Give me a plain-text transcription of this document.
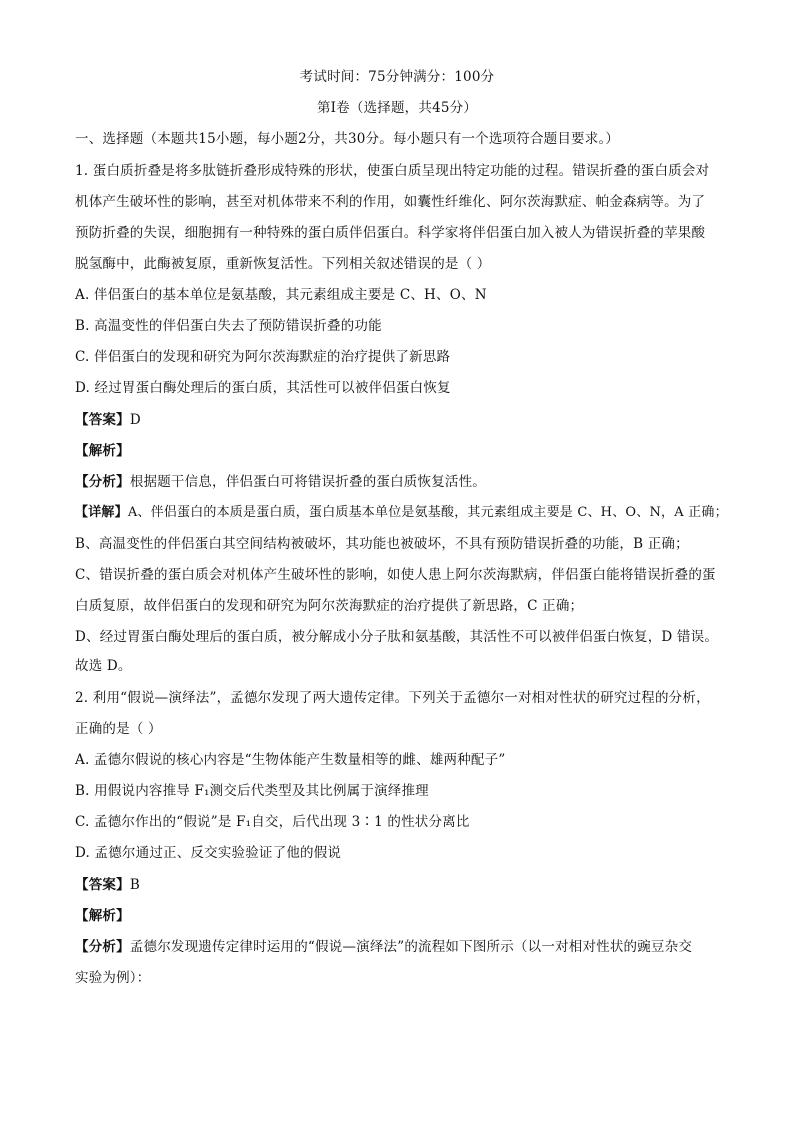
考试时间：75分钟满分：100分
第Ⅰ卷（选择题，共45分）
一、选择题（本题共15小题，每小题2分，共30分。每小题只有一个选项符合题目要求。）
1. 蛋白质折叠是将多肽链折叠形成特殊的形状，使蛋白质呈现出特定功能的过程。错误折叠的蛋白质会对
机体产生破坏性的影响，甚至对机体带来不利的作用，如囊性纤维化、阿尔茨海默症、帕金森病等。为了
预防折叠的失误，细胞拥有一种特殊的蛋白质伴侣蛋白。科学家将伴侣蛋白加入被人为错误折叠的苹果酸
脱氢酶中，此酶被复原，重新恢复活性。下列相关叙述错误的是（ ）
A. 伴侣蛋白的基本单位是氨基酸，其元素组成主要是 C、H、O、N
B. 高温变性的伴侣蛋白失去了预防错误折叠的功能
C. 伴侣蛋白的发现和研究为阿尔茨海默症的治疗提供了新思路
D. 经过胃蛋白酶处理后的蛋白质，其活性可以被伴侣蛋白恢复
【答案】D
【解析】
【分析】根据题干信息，伴侣蛋白可将错误折叠的蛋白质恢复活性。
【详解】A、伴侣蛋白的本质是蛋白质，蛋白质基本单位是氨基酸，其元素组成主要是 C、H、O、N，A 正确；
B、高温变性的伴侣蛋白其空间结构被破坏，其功能也被破坏，不具有预防错误折叠的功能，B 正确；
C、错误折叠的蛋白质会对机体产生破坏性的影响，如使人患上阿尔茨海默病，伴侣蛋白能将错误折叠的蛋
白质复原，故伴侣蛋白的发现和研究为阿尔茨海默症的治疗提供了新思路，C 正确；
D、经过胃蛋白酶处理后的蛋白质，被分解成小分子肽和氨基酸，其活性不可以被伴侣蛋白恢复，D 错误。
故选 D。
2. 利用“假说—演绎法”，孟德尔发现了两大遗传定律。下列关于孟德尔一对相对性状的研究过程的分析，
正确的是（ ）
A. 孟德尔假说的核心内容是“生物体能产生数量相等的雌、雄两种配子”
B. 用假说内容推导 F₁测交后代类型及其比例属于演绎推理
C. 孟德尔作出的“假说”是 F₁自交，后代出现 3∶1 的性状分离比
D. 孟德尔通过正、反交实验验证了他的假说
【答案】B
【解析】
【分析】孟德尔发现遗传定律时运用的“假说—演绎法”的流程如下图所示（以一对相对性状的豌豆杂交
实验为例）：
